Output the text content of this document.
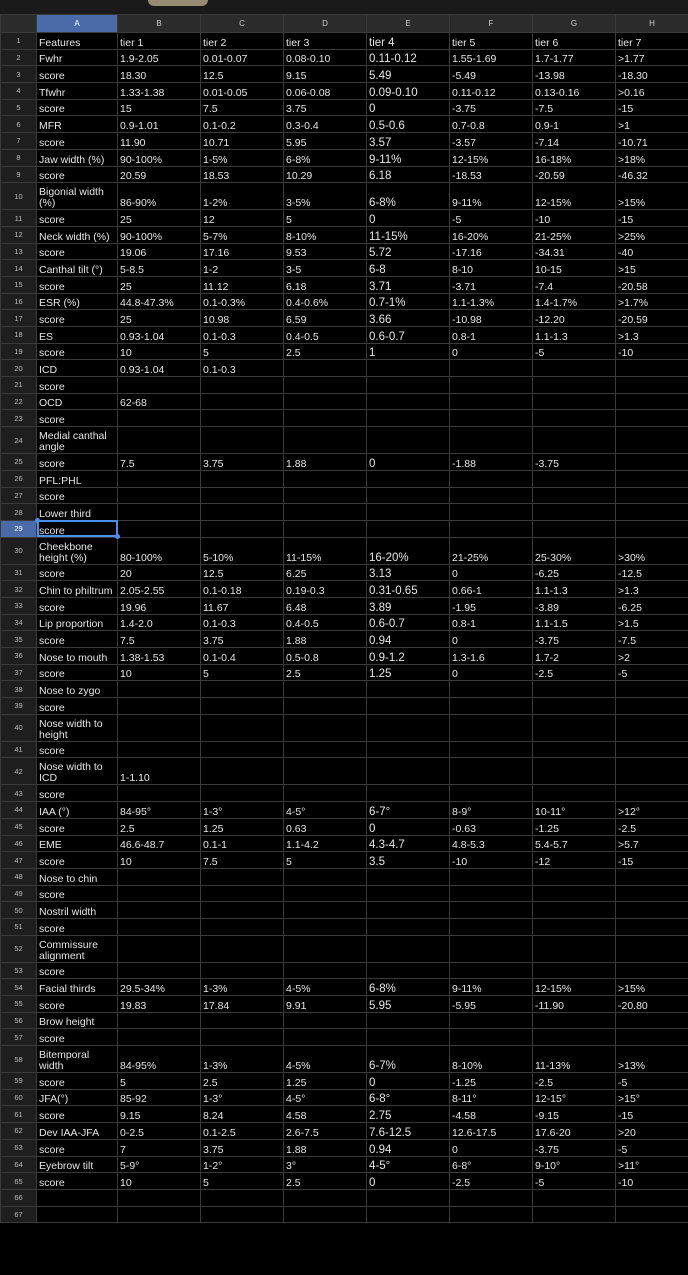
	A	B	C	D	E	F	G	H
1	Features	tier 1	tier 2	tier 3	tier 4	tier 5	tier 6	tier 7
2	Fwhr	1.9-2.05	0.01-0.07	0.08-0.10	0.11-0.12	1.55-1.69	1.7-1.77	>1.77
3	score	18.30	12.5	9.15	5.49	-5.49	-13.98	-18.30
4	Tfwhr	1.33-1.38	0.01-0.05	0.06-0.08	0.09-0.10	0.11-0.12	0.13-0.16	>0.16
5	score	15	7.5	3.75	0	-3.75	-7.5	-15
6	MFR	0.9-1.01	0.1-0.2	0.3-0.4	0.5-0.6	0.7-0.8	0.9-1	>1
7	score	11.90	10.71	5.95	3.57	-3.57	-7.14	-10.71
8	Jaw width (%)	90-100%	1-5%	6-8%	9-11%	12-15%	16-18%	>18%
9	score	20.59	18.53	10.29	6.18	-18.53	-20.59	-46.32
10	Bigonial width (%)	86-90%	1-2%	3-5%	6-8%	9-11%	12-15%	>15%
11	score	25	12	5	0	-5	-10	-15
12	Neck width (%)	90-100%	5-7%	8-10%	11-15%	16-20%	21-25%	>25%
13	score	19.06	17.16	9.53	5.72	-17.16	-34.31	-40
14	Canthal tilt (°)	5-8.5	1-2	3-5	6-8	8-10	10-15	>15
15	score	25	11.12	6.18	3.71	-3.71	-7.4	-20.58
16	ESR (%)	44.8-47.3%	0.1-0.3%	0.4-0.6%	0.7-1%	1.1-1.3%	1.4-1.7%	>1.7%
17	score	25	10.98	6.59	3.66	-10.98	-12.20	-20.59
18	ES	0.93-1.04	0.1-0.3	0.4-0.5	0.6-0.7	0.8-1	1.1-1.3	>1.3
19	score	10	5	2.5	1	0	-5	-10
20	ICD	0.93-1.04	0.1-0.3					
21	score							
22	OCD	62-68						
23	score							
24	Medial canthal angle							
25	score	7.5	3.75	1.88	0	-1.88	-3.75	
26	PFL:PHL							
27	score							
28	Lower third							
29	score							
30	Cheekbone height (%)	80-100%	5-10%	11-15%	16-20%	21-25%	25-30%	>30%
31	score	20	12.5	6.25	3.13	0	-6.25	-12.5
32	Chin to philtrum	2.05-2.55	0.1-0.18	0.19-0.3	0.31-0.65	0.66-1	1.1-1.3	>1.3
33	score	19.96	11.67	6.48	3.89	-1.95	-3.89	-6.25
34	Lip proportion	1.4-2.0	0.1-0.3	0.4-0.5	0.6-0.7	0.8-1	1.1-1.5	>1.5
35	score	7.5	3.75	1.88	0.94	0	-3.75	-7.5
36	Nose to mouth	1.38-1.53	0.1-0.4	0.5-0.8	0.9-1.2	1.3-1.6	1.7-2	>2
37	score	10	5	2.5	1.25	0	-2.5	-5
38	Nose to zygo							
39	score							
40	Nose width to height							
41	score							
42	Nose width to ICD	1-1.10						
43	score							
44	IAA (°)	84-95°	1-3°	4-5°	6-7°	8-9°	10-11°	>12°
45	score	2.5	1.25	0.63	0	-0.63	-1.25	-2.5
46	EME	46.6-48.7	0.1-1	1.1-4.2	4.3-4.7	4.8-5.3	5.4-5.7	>5.7
47	score	10	7.5	5	3.5	-10	-12	-15
48	Nose to chin							
49	score							
50	Nostril width							
51	score							
52	Commissure alignment							
53	score							
54	Facial thirds	29.5-34%	1-3%	4-5%	6-8%	9-11%	12-15%	>15%
55	score	19.83	17.84	9.91	5.95	-5.95	-11.90	-20.80
56	Brow height							
57	score							
58	Bitemporal width	84-95%	1-3%	4-5%	6-7%	8-10%	11-13%	>13%
59	score	5	2.5	1.25	0	-1.25	-2.5	-5
60	JFA(°)	85-92	1-3°	4-5°	6-8°	8-11°	12-15°	>15°
61	score	9.15	8.24	4.58	2.75	-4.58	-9.15	-15
62	Dev IAA-JFA	0-2.5	0.1-2.5	2.6-7.5	7.6-12.5	12.6-17.5	17.6-20	>20
63	score	7	3.75	1.88	0.94	0	-3.75	-5
64	Eyebrow tilt	5-9°	1-2°	3°	4-5°	6-8°	9-10°	>11°
65	score	10	5	2.5	0	-2.5	-5	-10
66								
67								
